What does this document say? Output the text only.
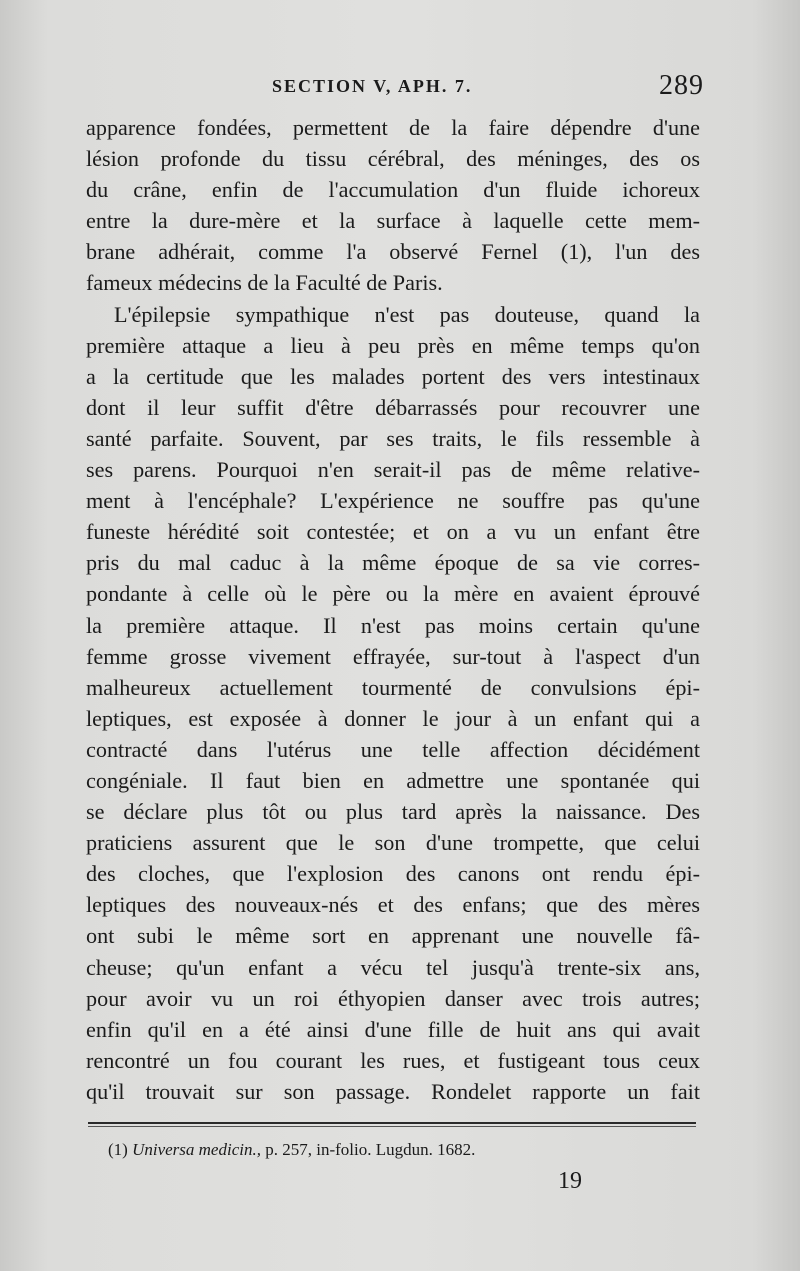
SECTION V, APH. 7.	289
apparence fondées, permettent de la faire dépendre d'une
lésion profonde du tissu cérébral, des méninges, des os
du crâne, enfin de l'accumulation d'un fluide ichoreux
entre la dure-mère et la surface à laquelle cette mem-
brane adhérait, comme l'a observé Fernel (1), l'un des
fameux médecins de la Faculté de Paris.
L'épilepsie sympathique n'est pas douteuse, quand la
première attaque a lieu à peu près en même temps qu'on
a la certitude que les malades portent des vers intestinaux
dont il leur suffit d'être débarrassés pour recouvrer une
santé parfaite. Souvent, par ses traits, le fils ressemble à
ses parens. Pourquoi n'en serait-il pas de même relative-
ment à l'encéphale? L'expérience ne souffre pas qu'une
funeste hérédité soit contestée; et on a vu un enfant être
pris du mal caduc à la même époque de sa vie corres-
pondante à celle où le père ou la mère en avaient éprouvé
la première attaque. Il n'est pas moins certain qu'une
femme grosse vivement effrayée, sur-tout à l'aspect d'un
malheureux actuellement tourmenté de convulsions épi-
leptiques, est exposée à donner le jour à un enfant qui a
contracté dans l'utérus une telle affection décidément
congéniale. Il faut bien en admettre une spontanée qui
se déclare plus tôt ou plus tard après la naissance. Des
praticiens assurent que le son d'une trompette, que celui
des cloches, que l'explosion des canons ont rendu épi-
leptiques des nouveaux-nés et des enfans; que des mères
ont subi le même sort en apprenant une nouvelle fâ-
cheuse; qu'un enfant a vécu tel jusqu'à trente-six ans,
pour avoir vu un roi éthyopien danser avec trois autres;
enfin qu'il en a été ainsi d'une fille de huit ans qui avait
rencontré un fou courant les rues, et fustigeant tous ceux
qu'il trouvait sur son passage. Rondelet rapporte un fait
(1) Universa medicin., p. 257, in-folio. Lugdun. 1682.
19
